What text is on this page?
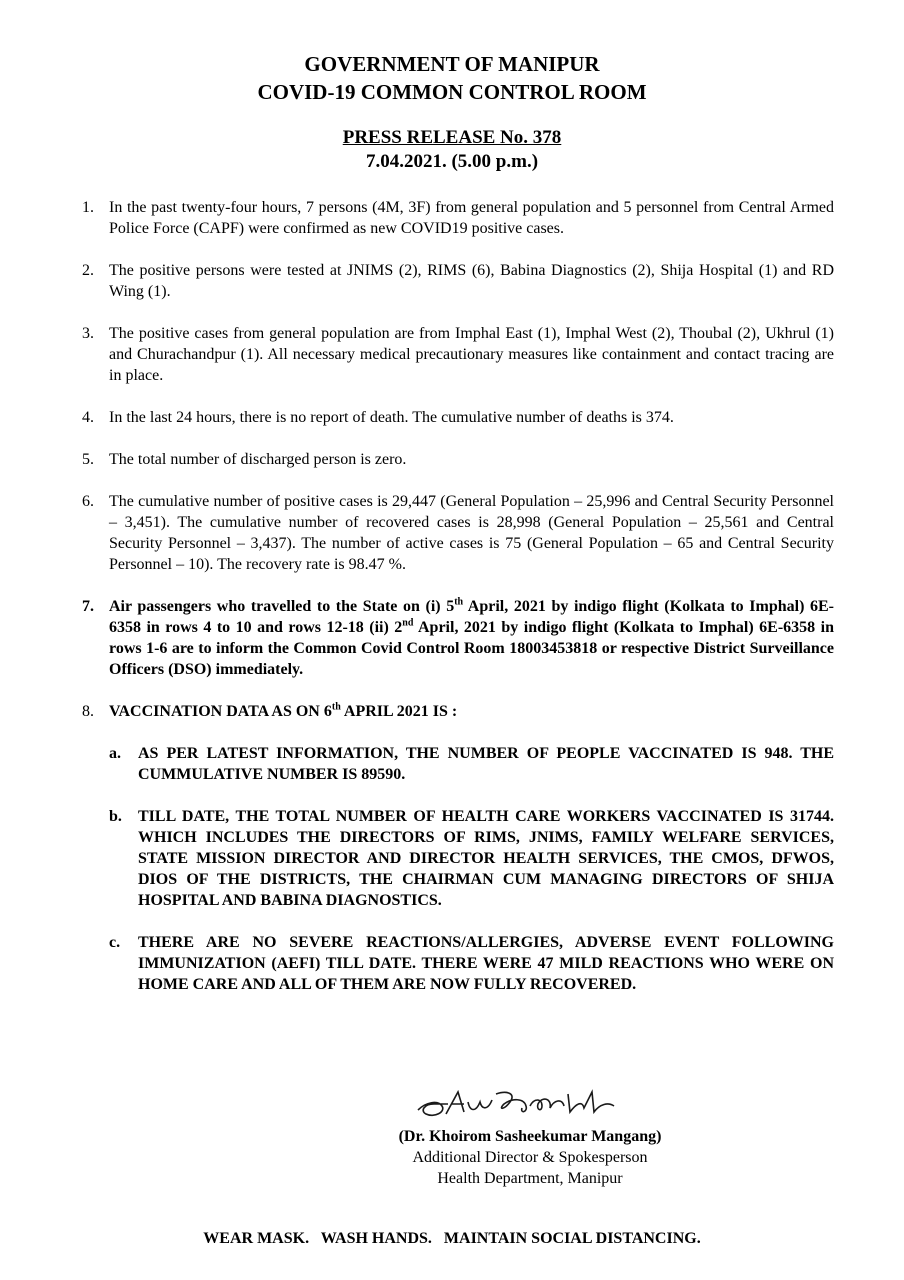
GOVERNMENT OF MANIPUR
COVID-19 COMMON CONTROL ROOM
PRESS RELEASE No. 378
7.04.2021. (5.00 p.m.)
1. In the past twenty-four hours, 7 persons (4M, 3F) from general population and 5 personnel from Central Armed Police Force (CAPF) were confirmed as new COVID19 positive cases.
2. The positive persons were tested at JNIMS (2), RIMS (6), Babina Diagnostics (2), Shija Hospital (1) and RD Wing (1).
3. The positive cases from general population are from Imphal East (1), Imphal West (2), Thoubal (2), Ukhrul (1) and Churachandpur (1). All necessary medical precautionary measures like containment and contact tracing are in place.
4. In the last 24 hours, there is no report of death. The cumulative number of deaths is 374.
5. The total number of discharged person is zero.
6. The cumulative number of positive cases is 29,447 (General Population – 25,996 and Central Security Personnel – 3,451). The cumulative number of recovered cases is 28,998 (General Population – 25,561 and Central Security Personnel – 3,437). The number of active cases is 75 (General Population – 65 and Central Security Personnel – 10). The recovery rate is 98.47 %.
7. Air passengers who travelled to the State on (i) 5th April, 2021 by indigo flight (Kolkata to Imphal) 6E-6358 in rows 4 to 10 and rows 12-18 (ii) 2nd April, 2021 by indigo flight (Kolkata to Imphal) 6E-6358 in rows 1-6 are to inform the Common Covid Control Room 18003453818 or respective District Surveillance Officers (DSO) immediately.
8. VACCINATION DATA AS ON 6th APRIL 2021 IS :
a. AS PER LATEST INFORMATION, THE NUMBER OF PEOPLE VACCINATED IS 948. THE CUMMULATIVE NUMBER IS 89590.
b. TILL DATE, THE TOTAL NUMBER OF HEALTH CARE WORKERS VACCINATED IS 31744. WHICH INCLUDES THE DIRECTORS OF RIMS, JNIMS, FAMILY WELFARE SERVICES, STATE MISSION DIRECTOR AND DIRECTOR HEALTH SERVICES, THE CMOS, DFWOS, DIOS OF THE DISTRICTS, THE CHAIRMAN CUM MANAGING DIRECTORS OF SHIJA HOSPITAL AND BABINA DIAGNOSTICS.
c. THERE ARE NO SEVERE REACTIONS/ALLERGIES, ADVERSE EVENT FOLLOWING IMMUNIZATION (AEFI) TILL DATE. THERE WERE 47 MILD REACTIONS WHO WERE ON HOME CARE AND ALL OF THEM ARE NOW FULLY RECOVERED.
(Dr. Khoirom Sasheekumar Mangang)
Additional Director & Spokesperson
Health Department, Manipur
WEAR MASK.   WASH HANDS.   MAINTAIN SOCIAL DISTANCING.
